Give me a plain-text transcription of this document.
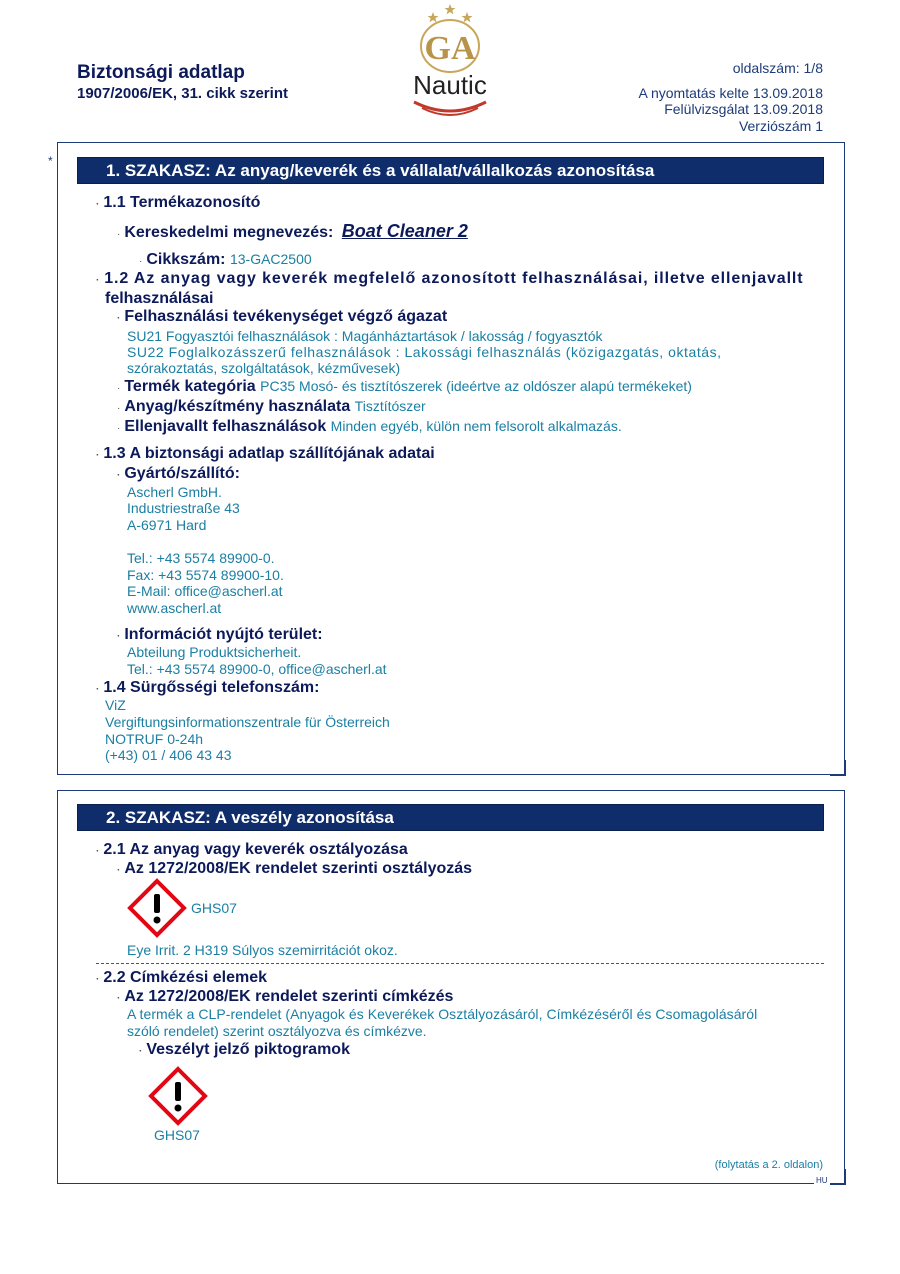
Biztonsági adatlap
1907/2006/EK, 31. cikk szerint
GA
Nautic
oldalszám: 1/8
A nyomtatás kelte 13.09.2018
Felülvizsgálat 13.09.2018
Verziószám 1
*	1. SZAKASZ: Az anyag/keverék és a vállalat/vállalkozás azonosítása
· 1.1 Termékazonosító
· Kereskedelmi megnevezés: Boat Cleaner 2
· Cikkszám: 13-GAC2500
· 1.2 Az anyag vagy keverék megfelelő azonosított felhasználásai, illetve ellenjavallt
felhasználásai
· Felhasználási tevékenységet végző ágazat
SU21 Fogyasztói felhasználások : Magánháztartások / lakosság / fogyasztók
SU22 Foglalkozásszerű felhasználások : Lakossági felhasználás (közigazgatás, oktatás,
szórakoztatás, szolgáltatások, kézművesek)
· Termék kategória PC35 Mosó- és tisztítószerek (ideértve az oldószer alapú termékeket)
· Anyag/készítmény használata Tisztítószer
· Ellenjavallt felhasználások Minden egyéb, külön nem felsorolt alkalmazás.
· 1.3 A biztonsági adatlap szállítójának adatai
· Gyártó/szállító:
Ascherl GmbH.
Industriestraße 43
A-6971 Hard
Tel.: +43 5574 89900-0.
Fax: +43 5574 89900-10.
E-Mail: office@ascherl.at
www.ascherl.at
· Információt nyújtó terület:
Abteilung Produktsicherheit.
Tel.: +43 5574 89900-0, office@ascherl.at
· 1.4 Sürgősségi telefonszám:
ViZ
Vergiftungsinformationszentrale für Österreich
NOTRUF 0-24h
(+43) 01 / 406 43 43
2. SZAKASZ: A veszély azonosítása
· 2.1 Az anyag vagy keverék osztályozása
· Az 1272/2008/EK rendelet szerinti osztályozás
GHS07
Eye Irrit. 2 H319 Súlyos szemirritációt okoz.
· 2.2 Címkézési elemek
· Az 1272/2008/EK rendelet szerinti címkézés
A termék a CLP-rendelet (Anyagok és Keverékek Osztályozásáról, Címkézéséről és Csomagolásáról
szóló rendelet) szerint osztályozva és címkézve.
· Veszélyt jelző piktogramok
GHS07
(folytatás a 2. oldalon)
HU
